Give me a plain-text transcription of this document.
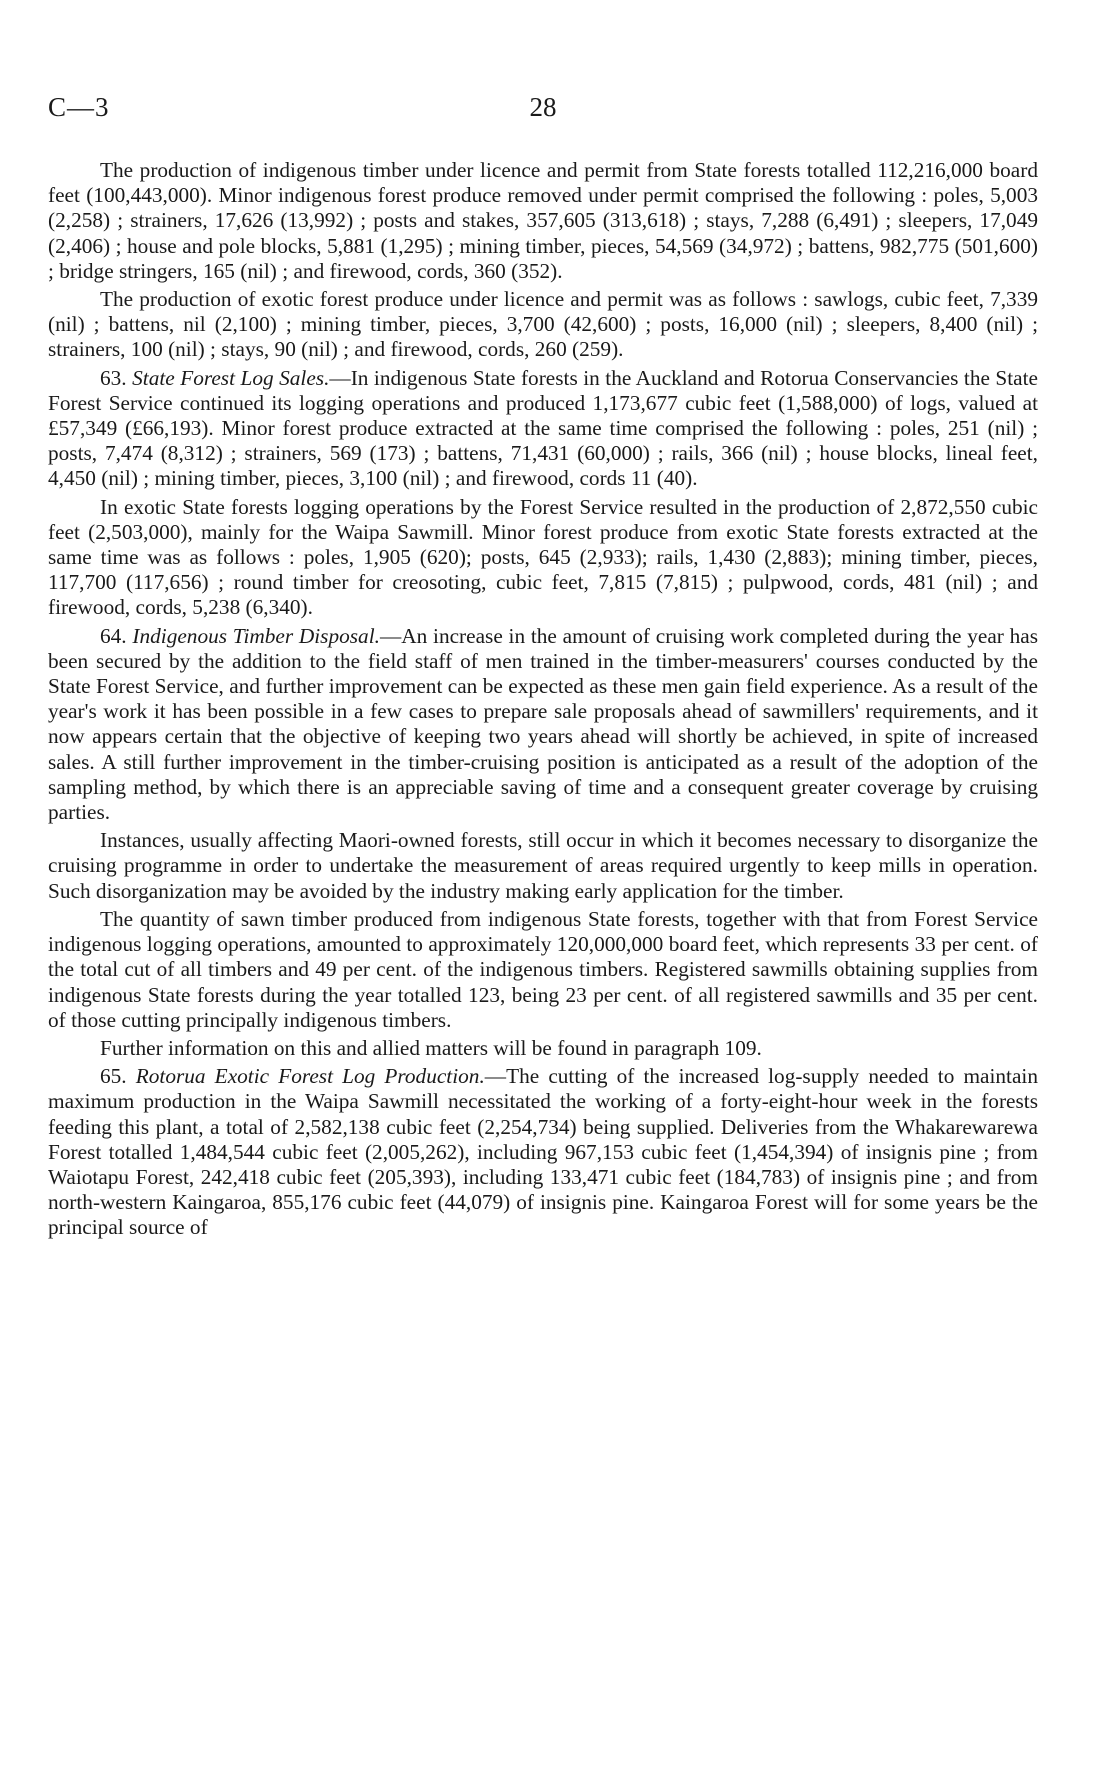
C—3	28

The production of indigenous timber under licence and permit from State forests totalled 112,216,000 board feet (100,443,000). Minor indigenous forest produce removed under permit comprised the following : poles, 5,003 (2,258) ; strainers, 17,626 (13,992) ; posts and stakes, 357,605 (313,618) ; stays, 7,288 (6,491) ; sleepers, 17,049 (2,406) ; house and pole blocks, 5,881 (1,295) ; mining timber, pieces, 54,569 (34,972) ; battens, 982,775 (501,600) ; bridge stringers, 165 (nil) ; and firewood, cords, 360 (352).

The production of exotic forest produce under licence and permit was as follows : sawlogs, cubic feet, 7,339 (nil) ; battens, nil (2,100) ; mining timber, pieces, 3,700 (42,600) ; posts, 16,000 (nil) ; sleepers, 8,400 (nil) ; strainers, 100 (nil) ; stays, 90 (nil) ; and firewood, cords, 260 (259).

63. State Forest Log Sales.—In indigenous State forests in the Auckland and Rotorua Conservancies the State Forest Service continued its logging operations and produced 1,173,677 cubic feet (1,588,000) of logs, valued at £57,349 (£66,193). Minor forest produce extracted at the same time comprised the following : poles, 251 (nil) ; posts, 7,474 (8,312) ; strainers, 569 (173) ; battens, 71,431 (60,000) ; rails, 366 (nil) ; house blocks, lineal feet, 4,450 (nil) ; mining timber, pieces, 3,100 (nil) ; and firewood, cords 11 (40).

In exotic State forests logging operations by the Forest Service resulted in the production of 2,872,550 cubic feet (2,503,000), mainly for the Waipa Sawmill. Minor forest produce from exotic State forests extracted at the same time was as follows : poles, 1,905 (620); posts, 645 (2,933); rails, 1,430 (2,883); mining timber, pieces, 117,700 (117,656) ; round timber for creosoting, cubic feet, 7,815 (7,815) ; pulpwood, cords, 481 (nil) ; and firewood, cords, 5,238 (6,340).

64. Indigenous Timber Disposal.—An increase in the amount of cruising work completed during the year has been secured by the addition to the field staff of men trained in the timber-measurers' courses conducted by the State Forest Service, and further improvement can be expected as these men gain field experience. As a result of the year's work it has been possible in a few cases to prepare sale proposals ahead of sawmillers' requirements, and it now appears certain that the objective of keeping two years ahead will shortly be achieved, in spite of increased sales. A still further improvement in the timber-cruising position is anticipated as a result of the adoption of the sampling method, by which there is an appreciable saving of time and a consequent greater coverage by cruising parties.

Instances, usually affecting Maori-owned forests, still occur in which it becomes necessary to disorganize the cruising programme in order to undertake the measurement of areas required urgently to keep mills in operation. Such disorganization may be avoided by the industry making early application for the timber.

The quantity of sawn timber produced from indigenous State forests, together with that from Forest Service indigenous logging operations, amounted to approximately 120,000,000 board feet, which represents 33 per cent. of the total cut of all timbers and 49 per cent. of the indigenous timbers. Registered sawmills obtaining supplies from indigenous State forests during the year totalled 123, being 23 per cent. of all registered sawmills and 35 per cent. of those cutting principally indigenous timbers.

Further information on this and allied matters will be found in paragraph 109.

65. Rotorua Exotic Forest Log Production.—The cutting of the increased log-supply needed to maintain maximum production in the Waipa Sawmill necessitated the working of a forty-eight-hour week in the forests feeding this plant, a total of 2,582,138 cubic feet (2,254,734) being supplied. Deliveries from the Whakarewarewa Forest totalled 1,484,544 cubic feet (2,005,262), including 967,153 cubic feet (1,454,394) of insignis pine ; from Waiotapu Forest, 242,418 cubic feet (205,393), including 133,471 cubic feet (184,783) of insignis pine ; and from north-western Kaingaroa, 855,176 cubic feet (44,079) of insignis pine. Kaingaroa Forest will for some years be the principal source of
